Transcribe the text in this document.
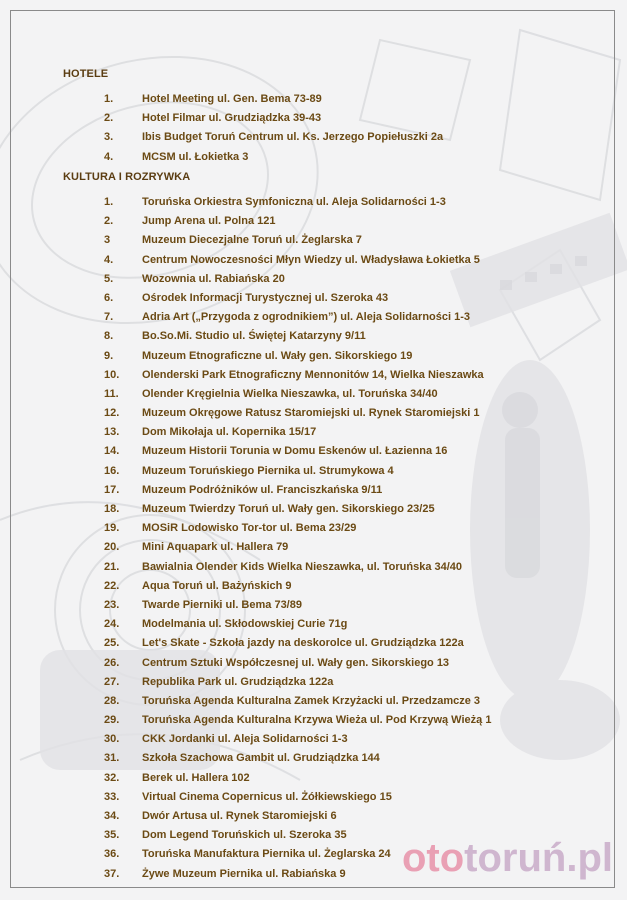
HOTELE
1.	Hotel Meeting ul. Gen. Bema 73-89
2.	Hotel Filmar ul. Grudziądzka 39-43
3.	Ibis Budget Toruń Centrum ul. Ks. Jerzego Popiełuszki 2a
4.	MCSM ul. Łokietka 3
KULTURA I ROZRYWKA
1.	Toruńska Orkiestra Symfoniczna ul. Aleja Solidarności 1-3
2.	Jump Arena ul. Polna 121
3	Muzeum Diecezjalne Toruń ul. Żeglarska 7
4.	Centrum Nowoczesności Młyn Wiedzy ul. Władysława Łokietka 5
5.	Wozownia ul. Rabiańska 20
6.	Ośrodek Informacji Turystycznej ul. Szeroka 43
7.	Adria Art („Przygoda z ogrodnikiem”) ul. Aleja Solidarności 1-3
8.	Bo.So.Mi. Studio ul. Świętej Katarzyny 9/11
9.	Muzeum Etnograficzne ul. Wały gen. Sikorskiego 19
10. Olenderski Park Etnograficzny Mennonitów 14, Wielka Nieszawka
11. Olender Kręgielnia Wielka Nieszawka, ul. Toruńska 34/40
12. Muzeum Okręgowe Ratusz Staromiejski ul. Rynek Staromiejski 1
13. Dom Mikołaja ul. Kopernika 15/17
14. Muzeum Historii Torunia w Domu Eskenów ul. Łazienna 16
16. Muzeum Toruńskiego Piernika ul. Strumykowa 4
17. Muzeum Podróżników ul. Franciszkańska 9/11
18. Muzeum Twierdzy Toruń ul. Wały gen. Sikorskiego 23/25
19. MOSiR Lodowisko Tor-tor ul. Bema 23/29
20. Mini Aquapark ul. Hallera 79
21. Bawialnia Olender Kids Wielka Nieszawka, ul. Toruńska 34/40
22. Aqua Toruń ul. Bażyńskich 9
23. Twarde Pierniki ul. Bema 73/89
24. Modelmania ul. Skłodowskiej Curie 71g
25. Let's Skate - Szkoła jazdy na deskorolce ul. Grudziądzka 122a
26. Centrum Sztuki Współczesnej ul. Wały gen. Sikorskiego 13
27. Republika Park ul. Grudziądzka 122a
28. Toruńska Agenda Kulturalna Zamek Krzyżacki ul. Przedzamcze 3
29. Toruńska Agenda Kulturalna Krzywa Wieża ul. Pod Krzywą Wieżą 1
30. CKK Jordanki ul. Aleja Solidarności 1-3
31. Szkoła Szachowa Gambit ul. Grudziądzka 144
32. Berek ul. Hallera 102
33. Virtual Cinema Copernicus ul. Żółkiewskiego 15
34. Dwór Artusa ul. Rynek Staromiejski 6
35. Dom Legend Toruńskich ul. Szeroka 35
36. Toruńska Manufaktura Piernika ul. Żeglarska 24
37. Żywe Muzeum Piernika ul. Rabiańska 9 ototoruń.pl
